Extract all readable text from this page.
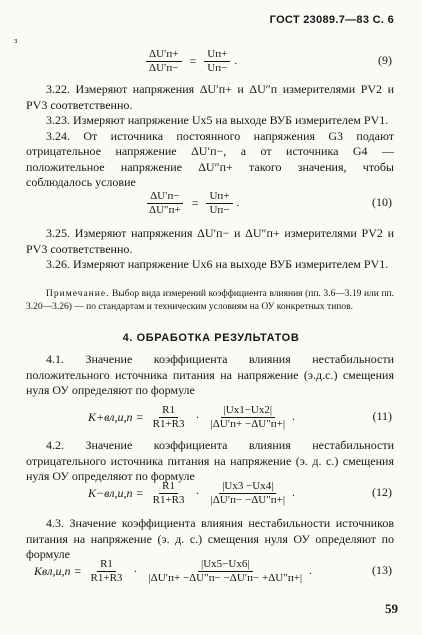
ГОСТ 23089.7—83 С. 6
з
$\frac{\Delta U'п+}{\Delta U'п-} = \frac{Uп+}{Uп-}$ .	(9)

3.22. Измеряют напряжения ΔU′п+ и ΔU″п измерителями PV2 и PV3 соответственно.

3.23. Измеряют напряжение Ux5 на выходе ВУБ измерителем PV1.

3.24. От источника постоянного напряжения G3 подают отрицательное напряжение ΔU′п−, а от источника G4 — положительное напряжение ΔU″п+ такого значения, чтобы соблюдалось условие

$\frac{\Delta U'п-}{\Delta U''п+} = \frac{Uп+}{Uп-}$ .	(10)

3.25. Измеряют напряжения ΔU′п− и ΔU″п+ измерителями PV2 и PV3 соответственно.

3.26. Измеряют напряжение Ux6 на выходе ВУБ измерителем PV1.

Примечание. Выбор вида измерений коэффициента влияния (пп. 3.6—3.19 или пп. 3.20—3.26) — по стандартам и техническим условиям на ОУ конкретных типов.
4. ОБРАБОТКА РЕЗУЛЬТАТОВ

4.1. Значение коэффициента влияния нестабильности положительного источника питания на напряжение (э.д.с.) смещения нуля ОУ определяют по формуле

$K+вл,и,п = \frac{R1}{R1+R3} \cdot \frac{|Ux1-Ux2|}{|\Delta U'п+ -\Delta U''п+|}$ .	(11)

4.2. Значение коэффициента влияния нестабильности отрицательного источника питания на напряжение (э. д. с.) смещения нуля ОУ определяют по формуле

$K-вл,и,п = \frac{R1}{R1+R3} \cdot \frac{|Ux3 -Ux4|}{|\Delta U'п- -\Delta U''п+|}$ .	(12)

4.3. Значение коэффициента влияния нестабильности источников питания на напряжение (э. д. с.) смещения нуля ОУ определяют по формуле

$Kвл,и,п = \frac{R1}{R1+R3} \cdot \frac{|Ux5-Ux6|}{|\Delta U'п+ -\Delta U''п- -\Delta U'п- +\Delta U''п+|}$ .	(13)
59
